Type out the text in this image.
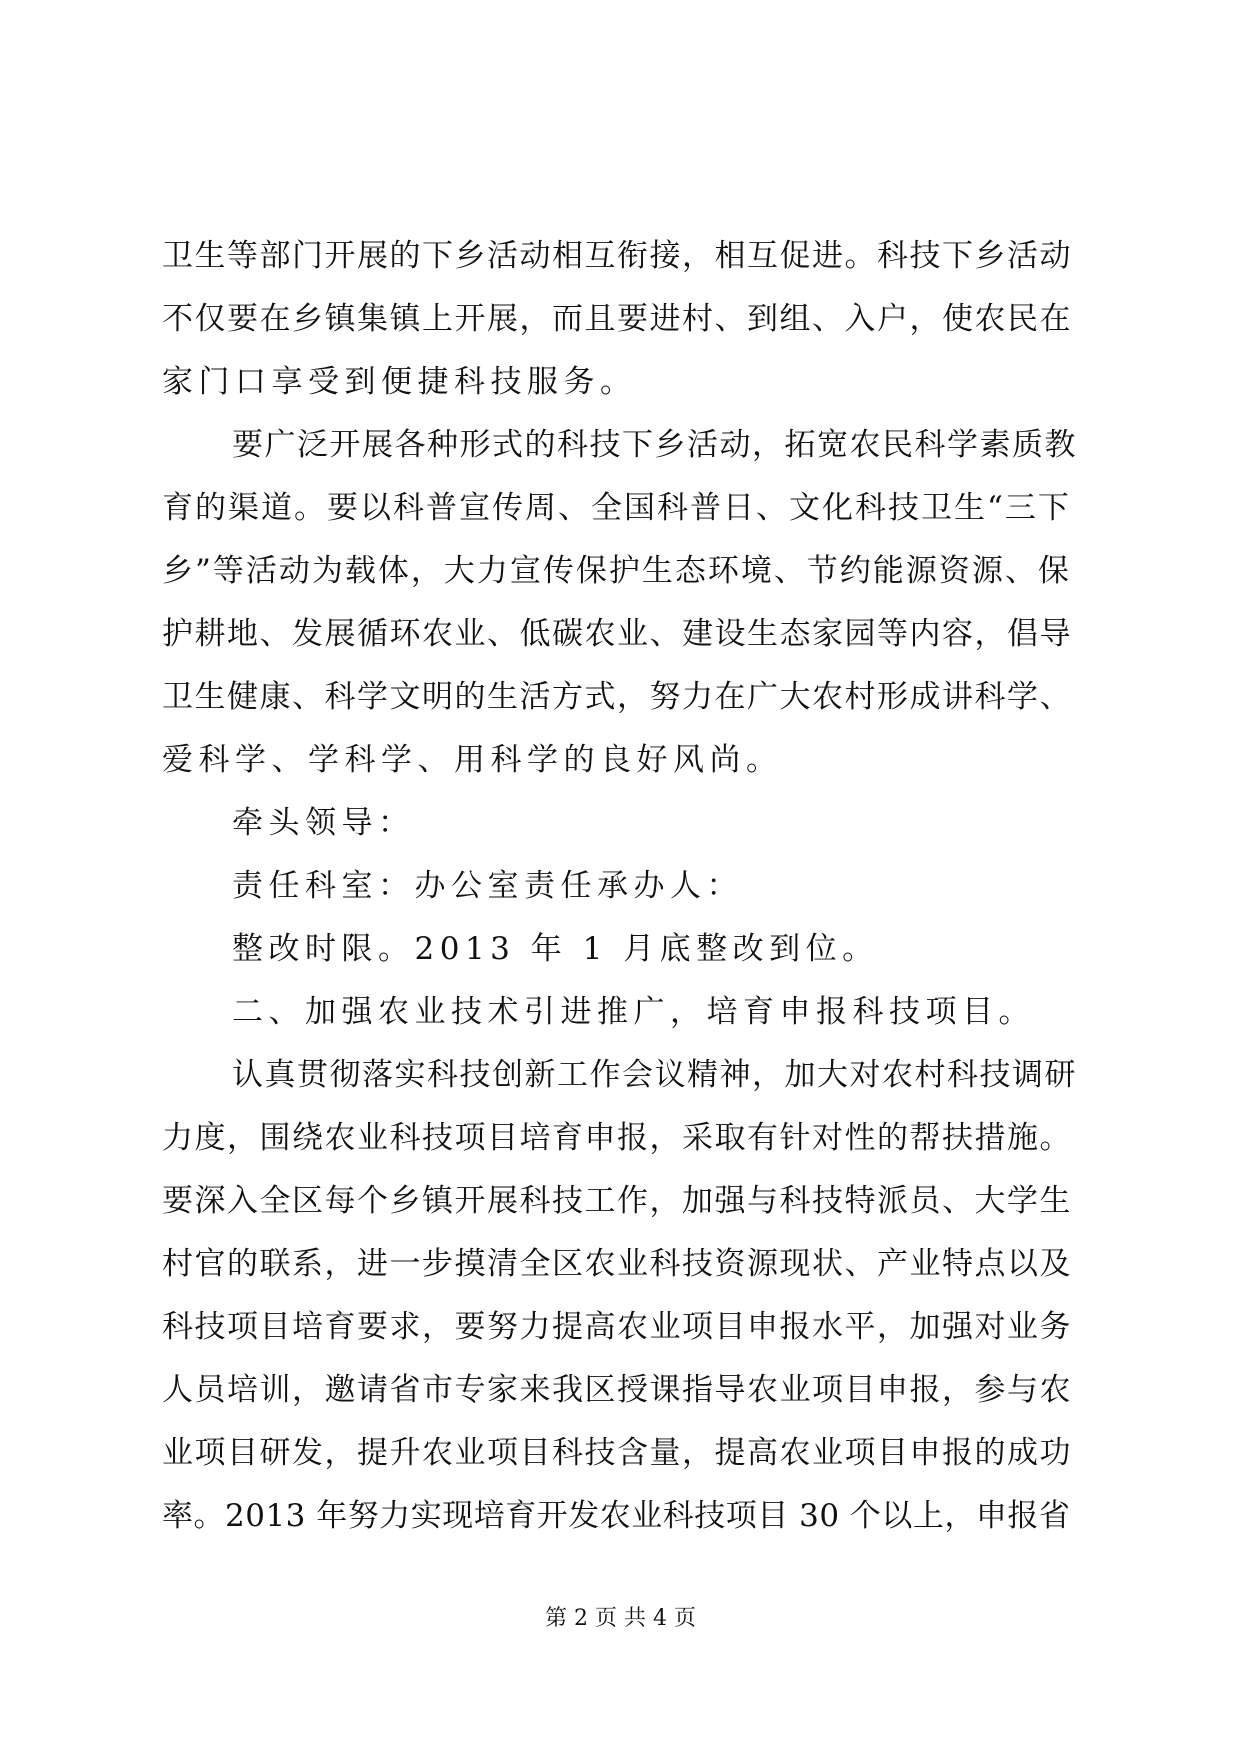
卫生等部门开展的下乡活动相互衔接，相互促进。科技下乡活动
不仅要在乡镇集镇上开展，而且要进村、到组、入户，使农民在
家门口享受到便捷科技服务。
要广泛开展各种形式的科技下乡活动，拓宽农民科学素质教
育的渠道。要以科普宣传周、全国科普日、文化科技卫生“三下
乡”等活动为载体，大力宣传保护生态环境、节约能源资源、保
护耕地、发展循环农业、低碳农业、建设生态家园等内容，倡导
卫生健康、科学文明的生活方式，努力在广大农村形成讲科学、
爱科学、学科学、用科学的良好风尚。
牵头领导：
责任科室：办公室责任承办人：
整改时限。2013 年 1 月底整改到位。
二、加强农业技术引进推广，培育申报科技项目。
认真贯彻落实科技创新工作会议精神，加大对农村科技调研
力度，围绕农业科技项目培育申报，采取有针对性的帮扶措施。
要深入全区每个乡镇开展科技工作，加强与科技特派员、大学生
村官的联系，进一步摸清全区农业科技资源现状、产业特点以及
科技项目培育要求，要努力提高农业项目申报水平，加强对业务
人员培训，邀请省市专家来我区授课指导农业项目申报，参与农
业项目研发，提升农业项目科技含量，提高农业项目申报的成功
率。2013 年努力实现培育开发农业科技项目 30 个以上，申报省
第 2 页 共 4 页
